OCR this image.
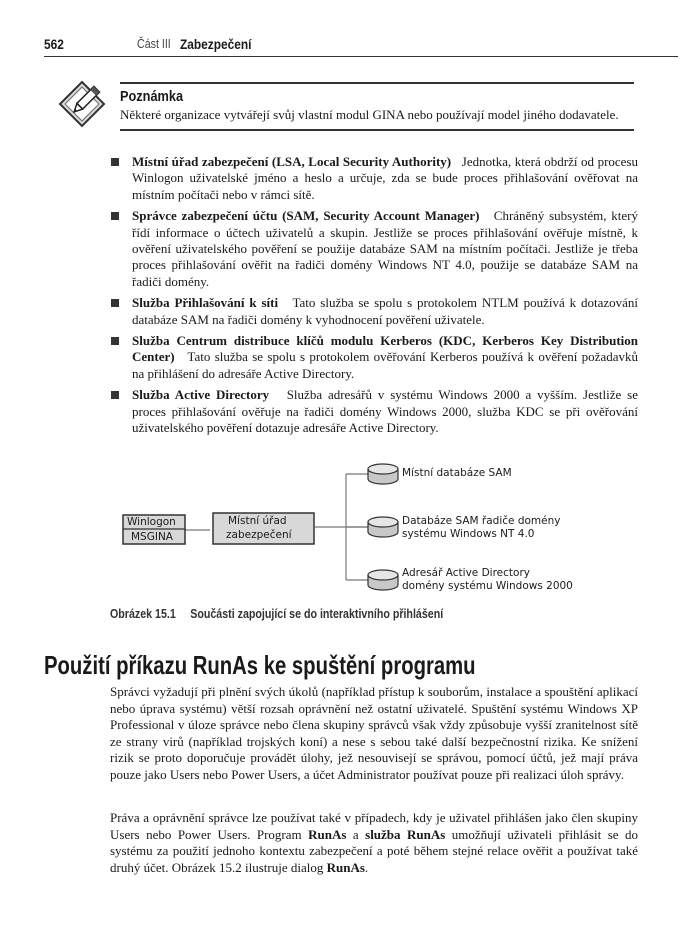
562	Část III Zabezpečení
Poznámka
Některé organizace vytvářejí svůj vlastní modul GINA nebo používají model jiného dodavatele.
Místní úřad zabezpečení (LSA, Local Security Authority) Jednotka, která obdrží od procesu Winlogon uživatelské jméno a heslo a určuje, zda se bude proces přihlašování ověřovat na místním počítači nebo v rámci sítě.
Správce zabezpečení účtu (SAM, Security Account Manager) Chráněný subsystém, který řídí informace o účtech uživatelů a skupin. Jestliže se proces přihlašování ověřuje místně, k ověření uživatelského pověření se použije databáze SAM na místním počítači. Jestliže je třeba proces přihlašování ověřit na řadiči domény Windows NT 4.0, použije se databáze SAM na řadiči domény.
Služba Přihlašování k síti Tato služba se spolu s protokolem NTLM používá k dotazování databáze SAM na řadiči domény k vyhodnocení pověření uživatele.
Služba Centrum distribuce klíčů modulu Kerberos (KDC, Kerberos Key Distribution Center) Tato služba se spolu s protokolem ověřování Kerberos používá k ověření požadavků na přihlášení do adresáře Active Directory.
Služba Active Directory Služba adresářů v systému Windows 2000 a vyšším. Jestliže se proces přihlašování ověřuje na řadiči domény Windows 2000, služba KDC se při ověřování uživatelského pověření dotazuje adresáře Active Directory.
Winlogon
MSGINA
Místní úřad
zabezpečení
Místní databáze SAM
Databáze SAM řadiče domény
systému Windows NT 4.0
Adresář Active Directory
domény systému Windows 2000
Obrázek 15.1 Součásti zapojující se do interaktivního přihlášení
Použití příkazu RunAs ke spuštění programu
Správci vyžadují při plnění svých úkolů (například přístup k souborům, instalace a spouštění aplikací nebo úprava systému) větší rozsah oprávnění než ostatní uživatelé. Spuštění systému Windows XP Professional v úloze správce nebo člena skupiny správců však vždy způsobuje vyšší zranitelnost sítě ze strany virů (například trojských koní) a nese s sebou také další bezpečnostní rizika. Ke snížení rizik se proto doporučuje provádět úlohy, jež nesouvisejí se správou, pomocí účtů, jež mají práva pouze jako Users nebo Power Users, a účet Administrator používat pouze při realizaci úloh správy.
Práva a oprávnění správce lze používat také v případech, kdy je uživatel přihlášen jako člen skupiny Users nebo Power Users. Program RunAs a služba RunAs umožňují uživateli přihlásit se do systému za použití jednoho kontextu zabezpečení a poté během stejné relace ověřit a používat také druhý účet. Obrázek 15.2 ilustruje dialog RunAs.
